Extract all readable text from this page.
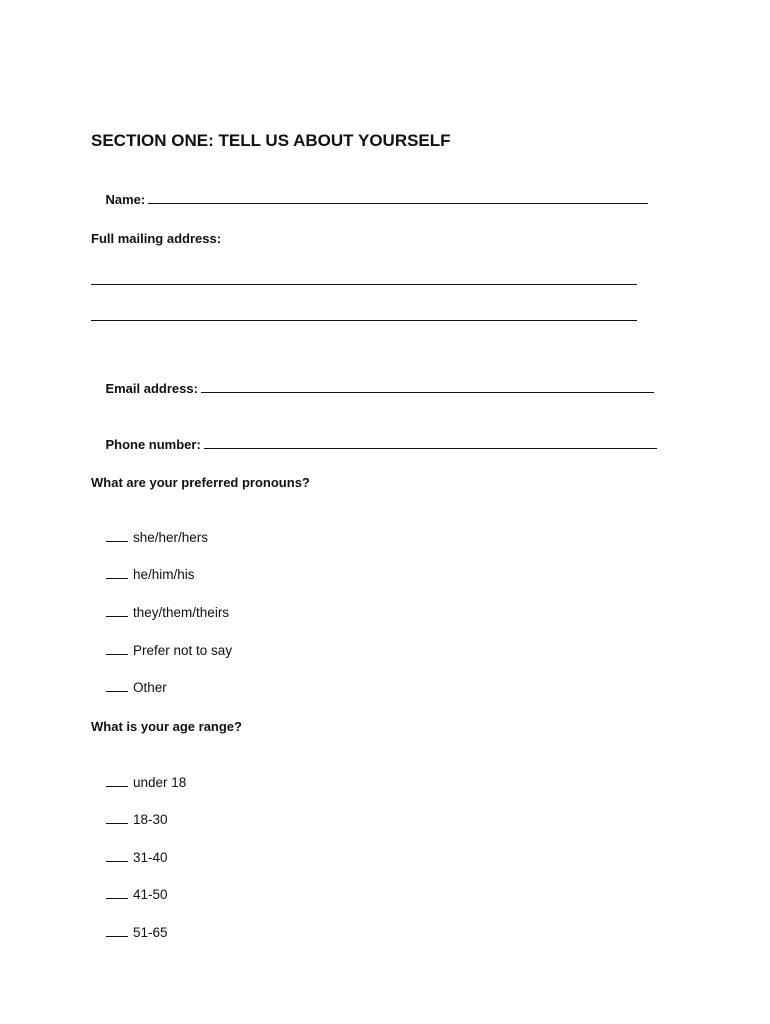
SECTION ONE: TELL US ABOUT YOURSELF

Name:

Full mailing address:

Email address:

Phone number:

What are your preferred pronouns?

she/her/hers

he/him/his

they/them/theirs

Prefer not to say

Other

What is your age range?

under 18

18-30

31-40

41-50

51-65
